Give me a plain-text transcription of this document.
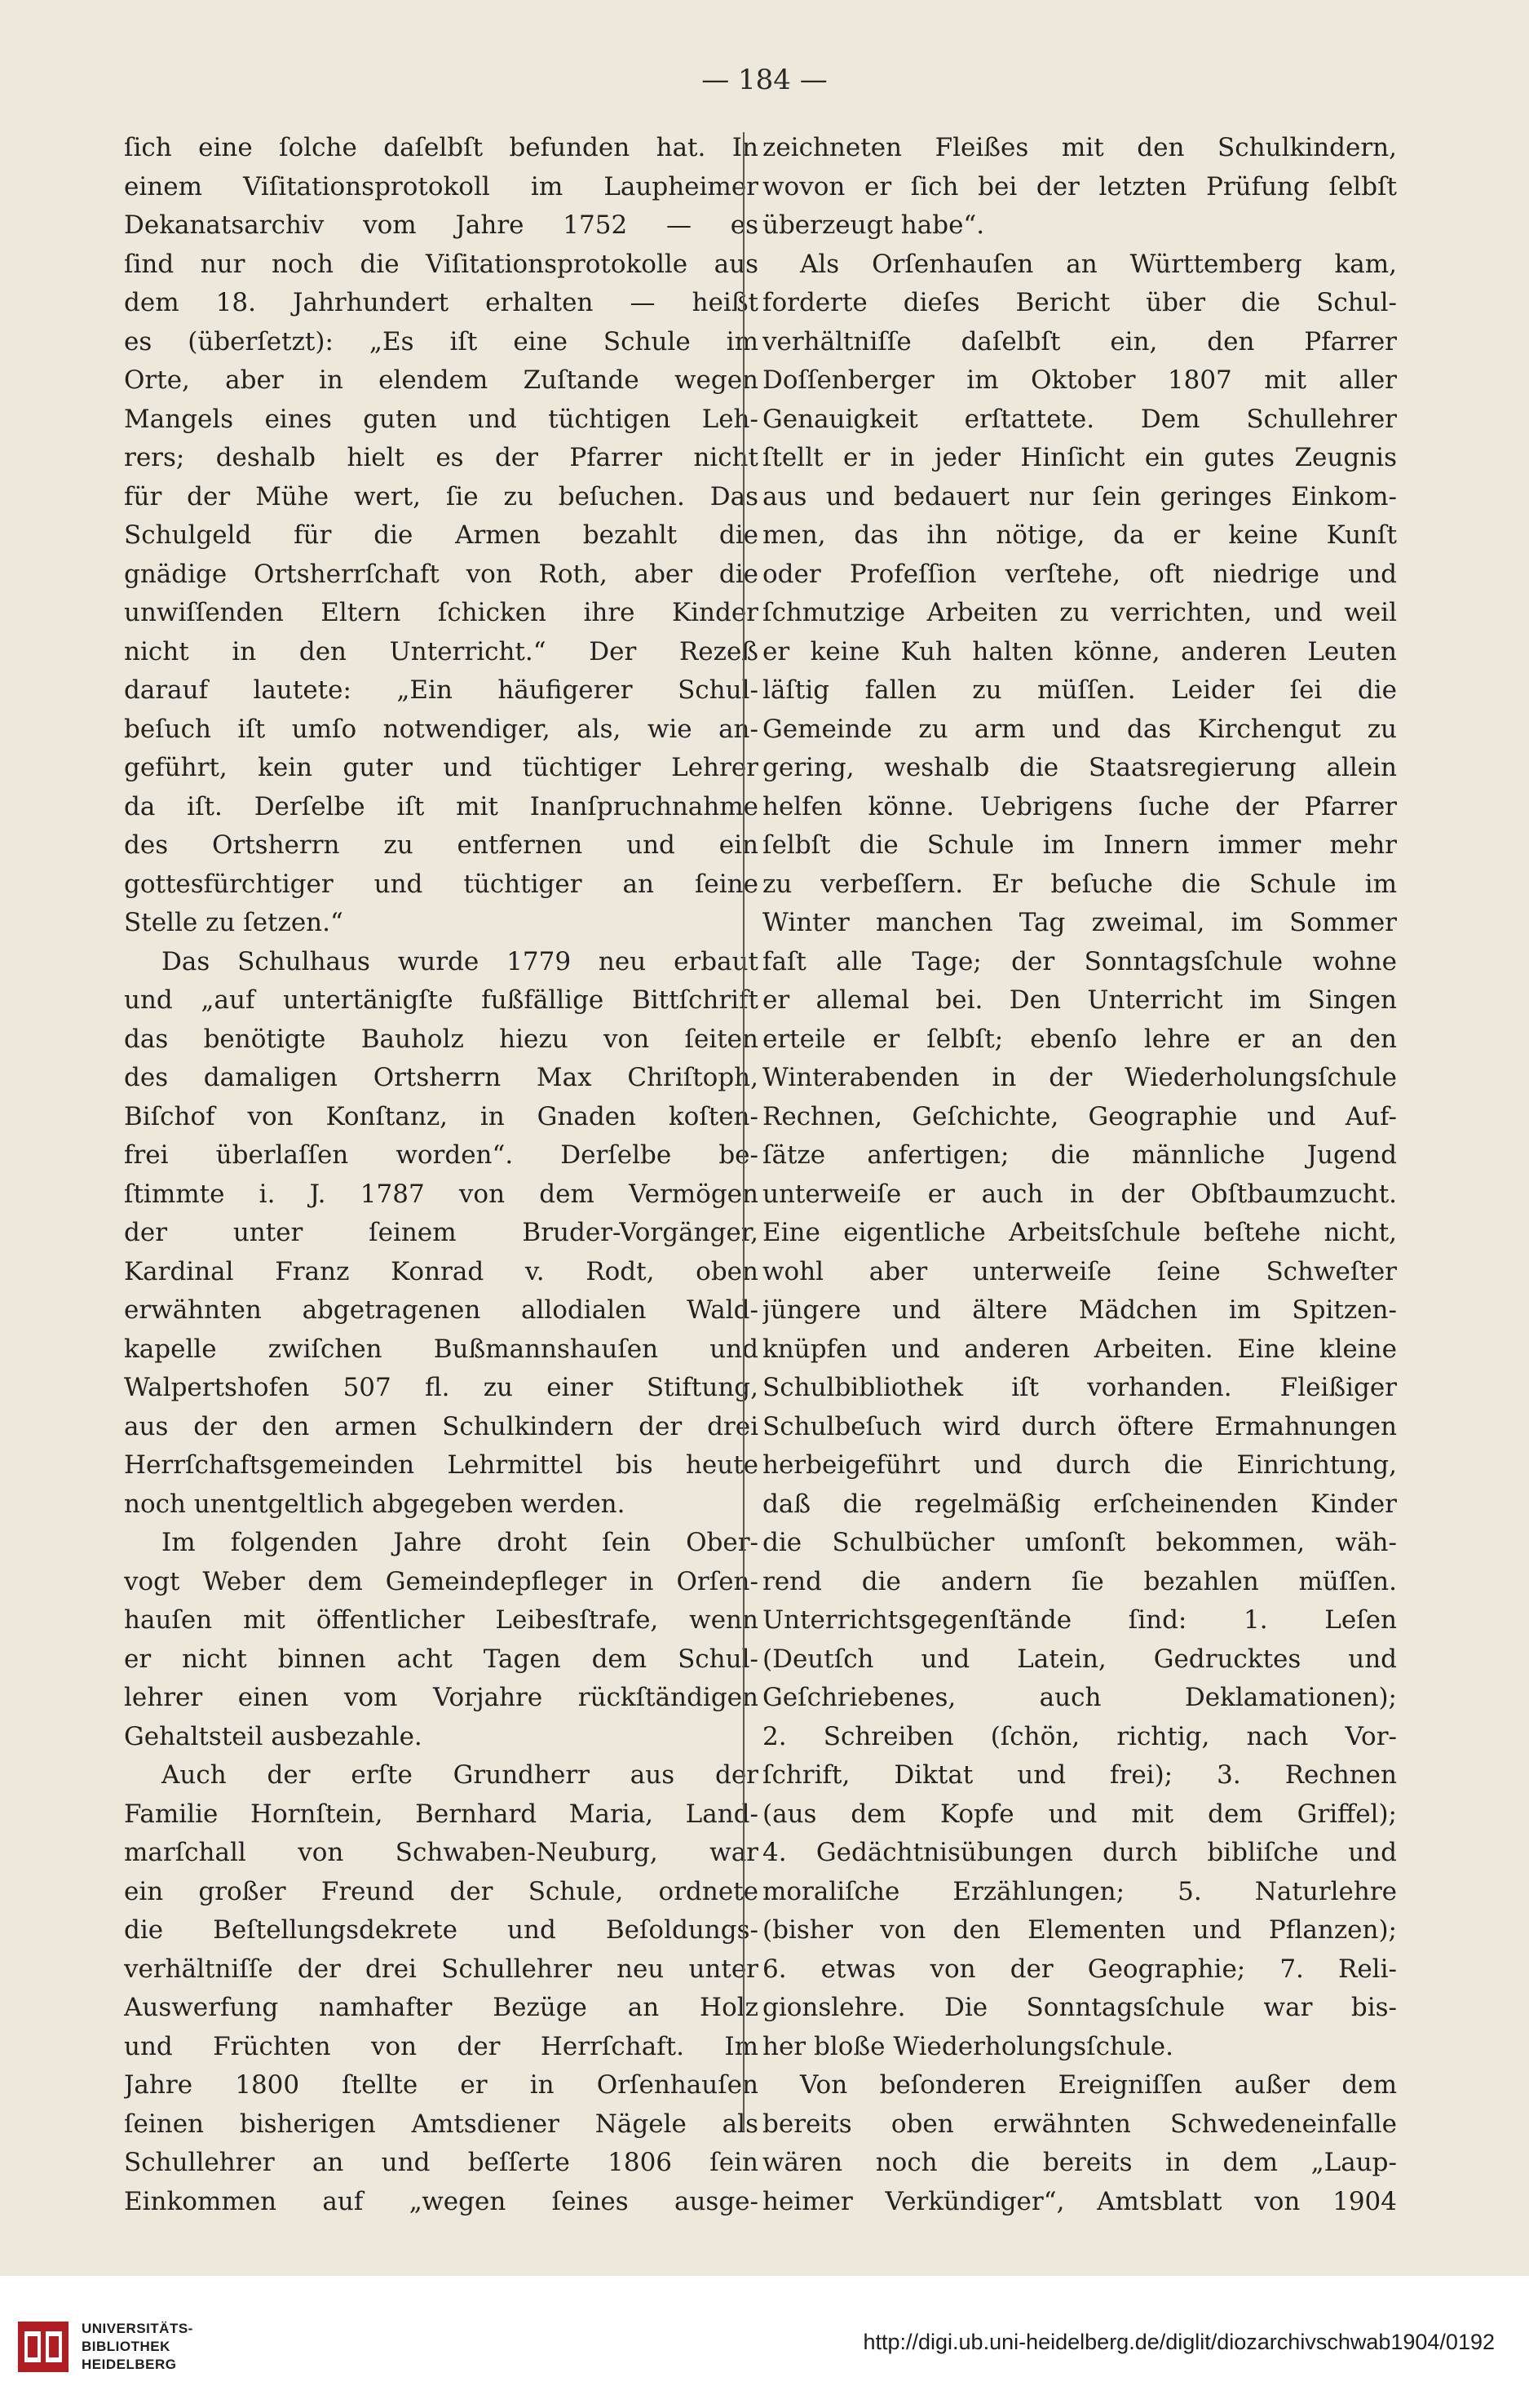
— 184 —
ſich eine ſolche daſelbſt befunden hat. In
einem Viſitationsprotokoll im Laupheimer
Dekanatsarchiv vom Jahre 1752 — es
ſind nur noch die Viſitationsprotokolle aus
dem 18. Jahrhundert erhalten — heißt
es (überſetzt): „Es iſt eine Schule im
Orte, aber in elendem Zuſtande wegen
Mangels eines guten und tüchtigen Leh-
rers; deshalb hielt es der Pfarrer nicht
für der Mühe wert, ſie zu beſuchen. Das
Schulgeld für die Armen bezahlt die
gnädige Ortsherrſchaft von Roth, aber die
unwiſſenden Eltern ſchicken ihre Kinder
nicht in den Unterricht.“ Der Rezeß
darauf lautete: „Ein häufigerer Schul-
beſuch iſt umſo notwendiger, als, wie an-
geführt, kein guter und tüchtiger Lehrer
da iſt. Derſelbe iſt mit Inanſpruchnahme
des Ortsherrn zu entfernen und ein
gottesfürchtiger und tüchtiger an ſeine
Stelle zu ſetzen.“
Das Schulhaus wurde 1779 neu erbaut
und „auf untertänigſte fußfällige Bittſchrift
das benötigte Bauholz hiezu von ſeiten
des damaligen Ortsherrn Max Chriſtoph,
Biſchof von Konſtanz, in Gnaden koſten-
frei überlaſſen worden“. Derſelbe be-
ſtimmte i. J. 1787 von dem Vermögen
der unter ſeinem Bruder-Vorgänger,
Kardinal Franz Konrad v. Rodt, oben
erwähnten abgetragenen allodialen Wald-
kapelle zwiſchen Bußmannshauſen und
Walpertshofen 507 fl. zu einer Stiftung,
aus der den armen Schulkindern der drei
Herrſchaftsgemeinden Lehrmittel bis heute
noch unentgeltlich abgegeben werden.
Im folgenden Jahre droht ſein Ober-
vogt Weber dem Gemeindepfleger in Orſen-
hauſen mit öffentlicher Leibesſtrafe, wenn
er nicht binnen acht Tagen dem Schul-
lehrer einen vom Vorjahre rückſtändigen
Gehaltsteil ausbezahle.
Auch der erſte Grundherr aus der
Familie Hornſtein, Bernhard Maria, Land-
marſchall von Schwaben-Neuburg, war
ein großer Freund der Schule, ordnete
die Beſtellungsdekrete und Beſoldungs-
verhältniſſe der drei Schullehrer neu unter
Auswerfung namhafter Bezüge an Holz
und Früchten von der Herrſchaft. Im
Jahre 1800 ſtellte er in Orſenhauſen
ſeinen bisherigen Amtsdiener Nägele als
Schullehrer an und beſſerte 1806 ſein
Einkommen auf „wegen ſeines ausge-
zeichneten Fleißes mit den Schulkindern,
wovon er ſich bei der letzten Prüfung ſelbſt
überzeugt habe“.
Als Orſenhauſen an Württemberg kam,
forderte dieſes Bericht über die Schul-
verhältniſſe daſelbſt ein, den Pfarrer
Doſſenberger im Oktober 1807 mit aller
Genauigkeit erſtattete. Dem Schullehrer
ſtellt er in jeder Hinſicht ein gutes Zeugnis
aus und bedauert nur ſein geringes Einkom-
men, das ihn nötige, da er keine Kunſt
oder Profeſſion verſtehe, oft niedrige und
ſchmutzige Arbeiten zu verrichten, und weil
er keine Kuh halten könne, anderen Leuten
läſtig fallen zu müſſen. Leider ſei die
Gemeinde zu arm und das Kirchengut zu
gering, weshalb die Staatsregierung allein
helfen könne. Uebrigens ſuche der Pfarrer
ſelbſt die Schule im Innern immer mehr
zu verbeſſern. Er beſuche die Schule im
Winter manchen Tag zweimal, im Sommer
faſt alle Tage; der Sonntagsſchule wohne
er allemal bei. Den Unterricht im Singen
erteile er ſelbſt; ebenſo lehre er an den
Winterabenden in der Wiederholungsſchule
Rechnen, Geſchichte, Geographie und Auf-
ſätze anfertigen; die männliche Jugend
unterweiſe er auch in der Obſtbaumzucht.
Eine eigentliche Arbeitsſchule beſtehe nicht,
wohl aber unterweiſe ſeine Schweſter
jüngere und ältere Mädchen im Spitzen-
knüpfen und anderen Arbeiten. Eine kleine
Schulbibliothek iſt vorhanden. Fleißiger
Schulbeſuch wird durch öftere Ermahnungen
herbeigeführt und durch die Einrichtung,
daß die regelmäßig erſcheinenden Kinder
die Schulbücher umſonſt bekommen, wäh-
rend die andern ſie bezahlen müſſen.
Unterrichtsgegenſtände ſind: 1. Leſen
(Deutſch und Latein, Gedrucktes und
Geſchriebenes, auch Deklamationen);
2. Schreiben (ſchön, richtig, nach Vor-
ſchrift, Diktat und frei); 3. Rechnen
(aus dem Kopfe und mit dem Griffel);
4. Gedächtnisübungen durch bibliſche und
moraliſche Erzählungen; 5. Naturlehre
(bisher von den Elementen und Pflanzen);
6. etwas von der Geographie; 7. Reli-
gionslehre. Die Sonntagsſchule war bis-
her bloße Wiederholungsſchule.
Von beſonderen Ereigniſſen außer dem
bereits oben erwähnten Schwedeneinfalle
wären noch die bereits in dem „Laup-
heimer Verkündiger“, Amtsblatt von 1904
UNIVERSITÄTS-
BIBLIOTHEK
HEIDELBERG
http://digi.ub.uni-heidelberg.de/diglit/diozarchivschwab1904/0192
